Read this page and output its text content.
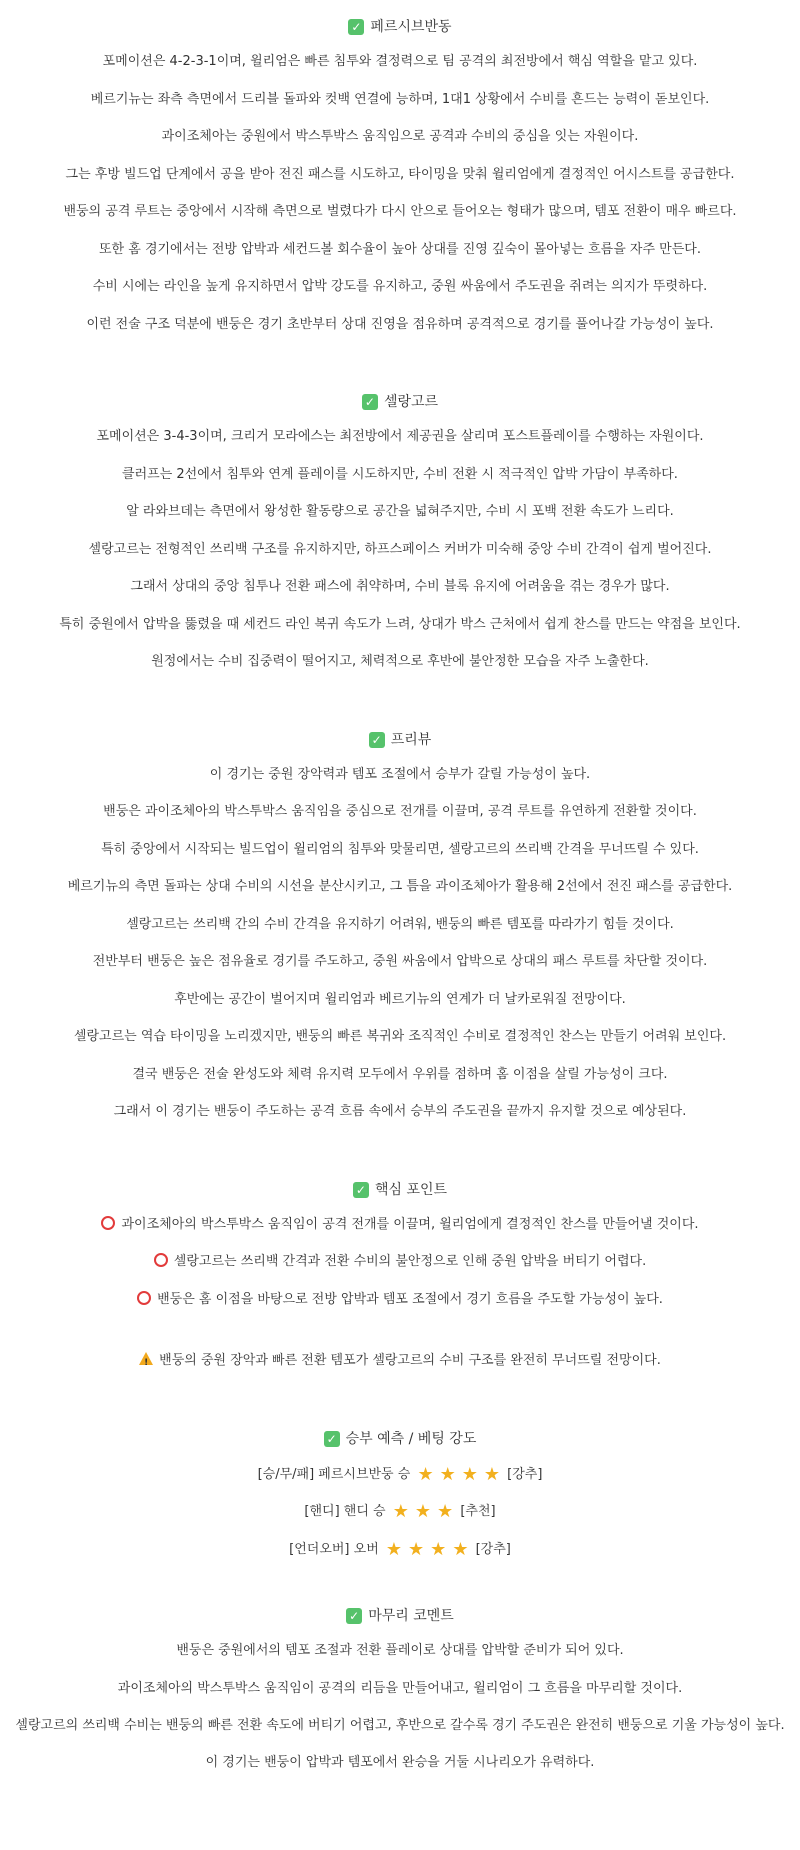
✓ 페르시브반동
포메이션은 4-2-3-1이며, 윌리엄은 빠른 침투와 결정력으로 팀 공격의 최전방에서 핵심 역할을 맡고 있다.
베르기뉴는 좌측 측면에서 드리블 돌파와 컷백 연결에 능하며, 1대1 상황에서 수비를 흔드는 능력이 돋보인다.
과이조체아는 중원에서 박스투박스 움직임으로 공격과 수비의 중심을 잇는 자원이다.
그는 후방 빌드업 단계에서 공을 받아 전진 패스를 시도하고, 타이밍을 맞춰 윌리엄에게 결정적인 어시스트를 공급한다.
밴둥의 공격 루트는 중앙에서 시작해 측면으로 벌렸다가 다시 안으로 들어오는 형태가 많으며, 템포 전환이 매우 빠르다.
또한 홈 경기에서는 전방 압박과 세컨드볼 회수율이 높아 상대를 진영 깊숙이 몰아넣는 흐름을 자주 만든다.
수비 시에는 라인을 높게 유지하면서 압박 강도를 유지하고, 중원 싸움에서 주도권을 쥐려는 의지가 뚜렷하다.
이런 전술 구조 덕분에 밴둥은 경기 초반부터 상대 진영을 점유하며 공격적으로 경기를 풀어나갈 가능성이 높다.
✓ 셀랑고르
포메이션은 3-4-3이며, 크리거 모라에스는 최전방에서 제공권을 살리며 포스트플레이를 수행하는 자원이다.
클러프는 2선에서 침투와 연계 플레이를 시도하지만, 수비 전환 시 적극적인 압박 가담이 부족하다.
알 라와브데는 측면에서 왕성한 활동량으로 공간을 넓혀주지만, 수비 시 포백 전환 속도가 느리다.
셀랑고르는 전형적인 쓰리백 구조를 유지하지만, 하프스페이스 커버가 미숙해 중앙 수비 간격이 쉽게 벌어진다.
그래서 상대의 중앙 침투나 전환 패스에 취약하며, 수비 블록 유지에 어려움을 겪는 경우가 많다.
특히 중원에서 압박을 뚫렸을 때 세컨드 라인 복귀 속도가 느려, 상대가 박스 근처에서 쉽게 찬스를 만드는 약점을 보인다.
원정에서는 수비 집중력이 떨어지고, 체력적으로 후반에 불안정한 모습을 자주 노출한다.
✓ 프리뷰
이 경기는 중원 장악력과 템포 조절에서 승부가 갈릴 가능성이 높다.
밴둥은 과이조체아의 박스투박스 움직임을 중심으로 전개를 이끌며, 공격 루트를 유연하게 전환할 것이다.
특히 중앙에서 시작되는 빌드업이 윌리엄의 침투와 맞물리면, 셀랑고르의 쓰리백 간격을 무너뜨릴 수 있다.
베르기뉴의 측면 돌파는 상대 수비의 시선을 분산시키고, 그 틈을 과이조체아가 활용해 2선에서 전진 패스를 공급한다.
셀랑고르는 쓰리백 간의 수비 간격을 유지하기 어려워, 밴둥의 빠른 템포를 따라가기 힘들 것이다.
전반부터 밴둥은 높은 점유율로 경기를 주도하고, 중원 싸움에서 압박으로 상대의 패스 루트를 차단할 것이다.
후반에는 공간이 벌어지며 윌리엄과 베르기뉴의 연계가 더 날카로워질 전망이다.
셀랑고르는 역습 타이밍을 노리겠지만, 밴둥의 빠른 복귀와 조직적인 수비로 결정적인 찬스는 만들기 어려워 보인다.
결국 밴둥은 전술 완성도와 체력 유지력 모두에서 우위를 점하며 홈 이점을 살릴 가능성이 크다.
그래서 이 경기는 밴둥이 주도하는 공격 흐름 속에서 승부의 주도권을 끝까지 유지할 것으로 예상된다.
✓ 핵심 포인트
과이조체아의 박스투박스 움직임이 공격 전개를 이끌며, 윌리엄에게 결정적인 찬스를 만들어낼 것이다.
셀랑고르는 쓰리백 간격과 전환 수비의 불안정으로 인해 중원 압박을 버티기 어렵다.
밴둥은 홈 이점을 바탕으로 전방 압박과 템포 조절에서 경기 흐름을 주도할 가능성이 높다.
!밴둥의 중원 장악과 빠른 전환 템포가 셀랑고르의 수비 구조를 완전히 무너뜨릴 전망이다.
✓ 승부 예측 / 베팅 강도
[승/무/패] 페르시브반둥 승 ★ ★ ★ ★ [강추]
[핸디] 핸디 승 ★ ★ ★ [추천]
[언더오버] 오버 ★ ★ ★ ★ [강추]
✓ 마무리 코멘트
밴둥은 중원에서의 템포 조절과 전환 플레이로 상대를 압박할 준비가 되어 있다.
과이조체아의 박스투박스 움직임이 공격의 리듬을 만들어내고, 윌리엄이 그 흐름을 마무리할 것이다.
셀랑고르의 쓰리백 수비는 밴둥의 빠른 전환 속도에 버티기 어렵고, 후반으로 갈수록 경기 주도권은 완전히 밴둥으로 기울 가능성이 높다.
이 경기는 밴둥이 압박과 템포에서 완승을 거둘 시나리오가 유력하다.
